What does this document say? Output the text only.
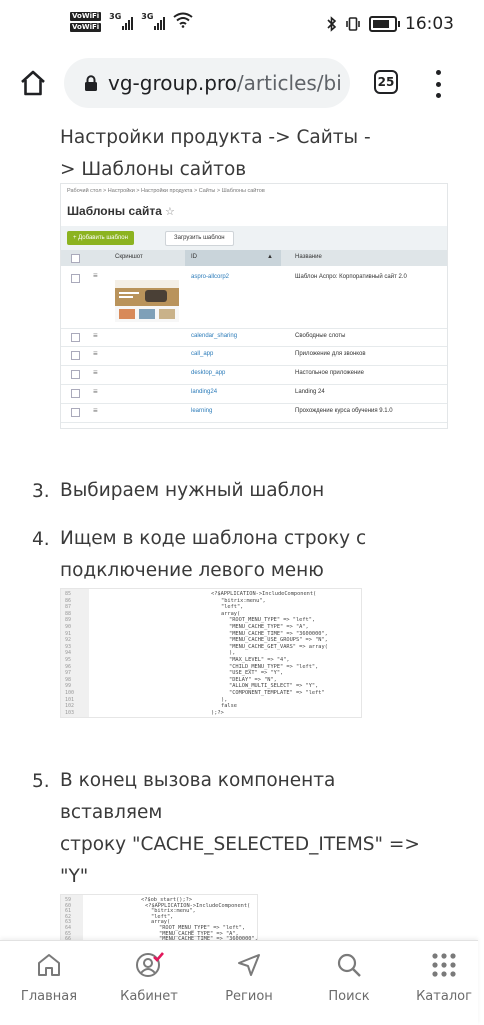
VoWiFi
VoWiFi
3G	3G	16:03
vg-group.pro/articles/bi	25
Настройки продукта -> Сайты -
> Шаблоны сайтов
Рабочий стол > Настройки > Настройки продукта > Сайты > Шаблоны сайтов
Шаблоны сайта ☆
+ Добавить шаблон	Загрузить шаблон
Скриншот	ID	▲	Название
≡	aspro-allcorp2	Шаблон Аспро: Корпоративный сайт 2.0
≡	calendar_sharing	Свободные слоты
≡	call_app	Приложение для звонков
≡	desktop_app	Настольное приложение
≡	landing24	Landing 24
≡	learning	Прохождение курса обучения 9.1.0
3. Выбираем нужный шаблон
4. Ищем в коде шаблона строку с
подключение левого меню
85
86
87
88
89
90
91
92
93
94
95
96
97
98
99
100
101
102
103
<?$APPLICATION->IncludeComponent(
"bitrix:menu",
"left",
array(
"ROOT_MENU_TYPE" => "left",
"MENU_CACHE_TYPE" => "A",
"MENU_CACHE_TIME" => "3600000",
"MENU_CACHE_USE_GROUPS" => "N",
"MENU_CACHE_GET_VARS" => array(
),
"MAX_LEVEL" => "4",
"CHILD_MENU_TYPE" => "left",
"USE_EXT" => "Y",
"DELAY" => "N",
"ALLOW_MULTI_SELECT" => "Y",
"COMPONENT_TEMPLATE" => "left"
),
false
);?>
5. В конец вызова компонента
вставляем
строку "CACHE_SELECTED_ITEMS" =>
"Y"
59
60
61
62
63
64
65
<?$ob_start();?>
<?$APPLICATION->IncludeComponent(
"bitrix:menu",
"left",
array(
"ROOT_MENU_TYPE" => "left",
"MENU_CACHE_TYPE" => "A",
Главная	Кабинет	Регион	Поиск	Каталог
